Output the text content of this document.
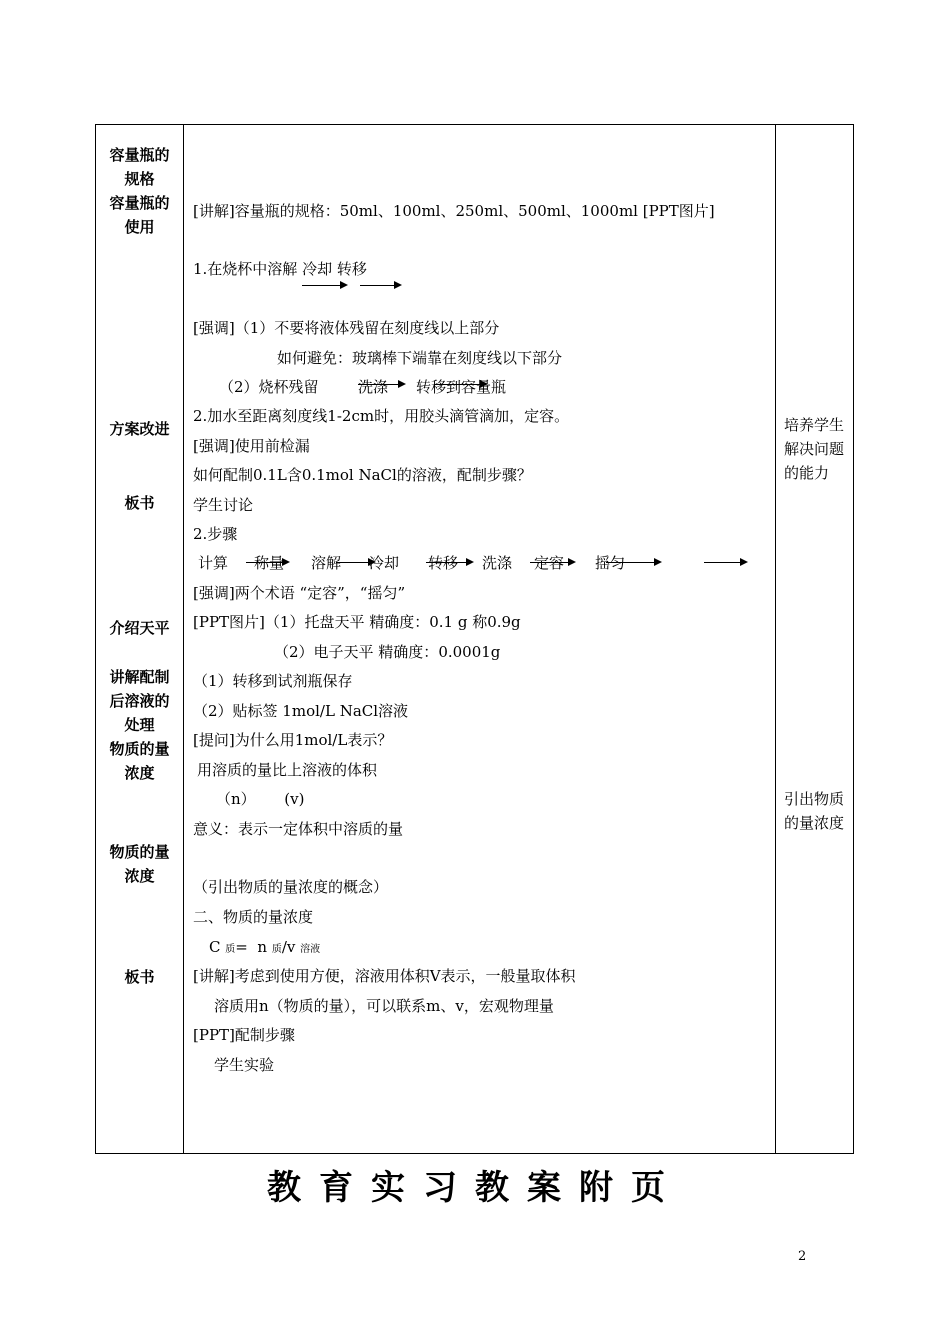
容量瓶的
规格
容量瓶的
使用
方案改进
板书
介绍天平
讲解配制
后溶液的
处理
物质的量
浓度
物质的量
浓度
板书
[讲解]容量瓶的规格：50ml、100ml、250ml、500ml、1000ml [PPT图片]
1.在烧杯中溶解 冷却 转移
[强调]（1）不要将液体残留在刻度线以上部分
如何避免：玻璃棒下端靠在刻度线以下部分
（2）烧杯残留	洗涤 转移到容量瓶
2.加水至距离刻度线1-2cm时，用胶头滴管滴加，定容。
[强调]使用前检漏
如何配制0.1L含0.1mol NaCl的溶液，配制步骤？
学生讨论
2.步骤
计算 称量 溶解 冷却 转移 洗涤 定容 摇匀
[强调]两个术语 “定容”，“摇匀”
[PPT图片]（1）托盘天平 精确度：0.1 g 称0.9g
（2）电子天平 精确度：0.0001g
（1）转移到试剂瓶保存
（2）贴标签 1mol/L NaCl溶液
[提问]为什么用1mol/L表示？
用溶质的量比上溶液的体积
（n）      (v)
意义：表示一定体积中溶质的量
（引出物质的量浓度的概念）
二、物质的量浓度
C 质=  n 质/v 溶液
[讲解]考虑到使用方便，溶液用体积V表示，一般量取体积
溶质用n（物质的量），可以联系m、v，宏观物理量
[PPT]配制步骤
学生实验
培养学生解决问题的能力
引出物质的量浓度
教育实习教案附页
2
